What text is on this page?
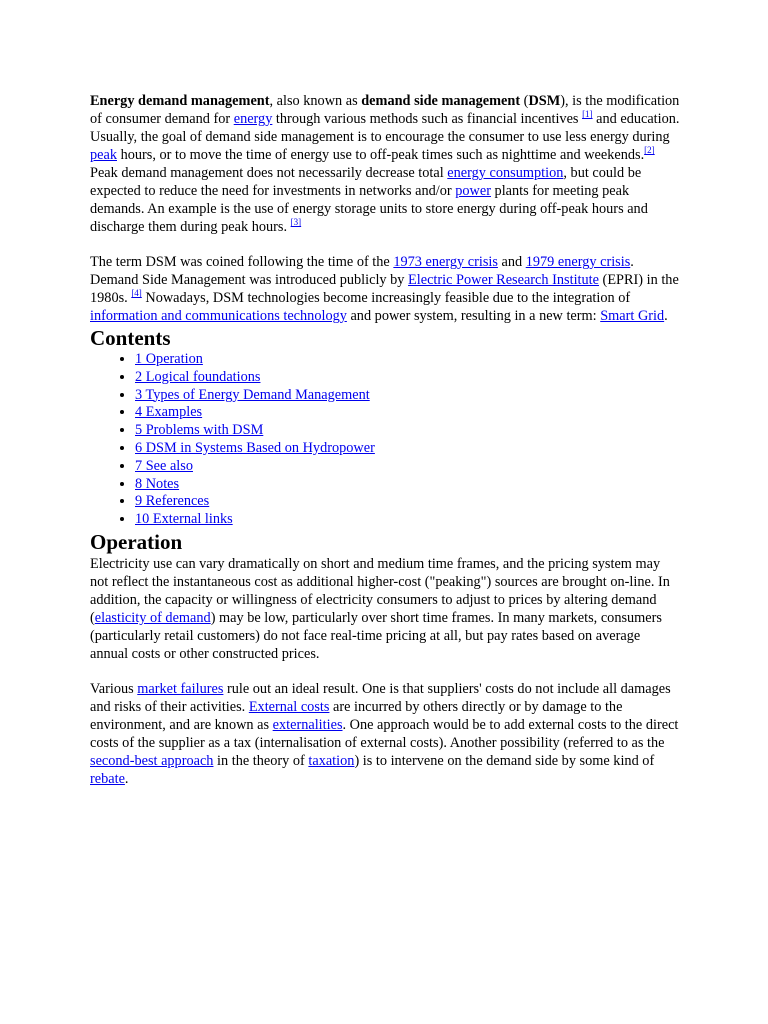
Energy demand management, also known as demand side management (DSM), is the modification of consumer demand for energy through various methods such as financial incentives [1] and education. Usually, the goal of demand side management is to encourage the consumer to use less energy during peak hours, or to move the time of energy use to off-peak times such as nighttime and weekends.[2] Peak demand management does not necessarily decrease total energy consumption, but could be expected to reduce the need for investments in networks and/or power plants for meeting peak demands. An example is the use of energy storage units to store energy during off-peak hours and discharge them during peak hours. [3]

The term DSM was coined following the time of the 1973 energy crisis and 1979 energy crisis. Demand Side Management was introduced publicly by Electric Power Research Institute (EPRI) in the 1980s. [4] Nowadays, DSM technologies become increasingly feasible due to the integration of information and communications technology and power system, resulting in a new term: Smart Grid.

Contents
• 1 Operation
• 2 Logical foundations
• 3 Types of Energy Demand Management
• 4 Examples
• 5 Problems with DSM
• 6 DSM in Systems Based on Hydropower
• 7 See also
• 8 Notes
• 9 References
• 10 External links
Operation

Electricity use can vary dramatically on short and medium time frames, and the pricing system may not reflect the instantaneous cost as additional higher-cost ("peaking") sources are brought on-line. In addition, the capacity or willingness of electricity consumers to adjust to prices by altering demand (elasticity of demand) may be low, particularly over short time frames. In many markets, consumers (particularly retail customers) do not face real-time pricing at all, but pay rates based on average annual costs or other constructed prices.

Various market failures rule out an ideal result. One is that suppliers' costs do not include all damages and risks of their activities. External costs are incurred by others directly or by damage to the environment, and are known as externalities. One approach would be to add external costs to the direct costs of the supplier as a tax (internalisation of external costs). Another possibility (referred to as the second-best approach in the theory of taxation) is to intervene on the demand side by some kind of rebate.
